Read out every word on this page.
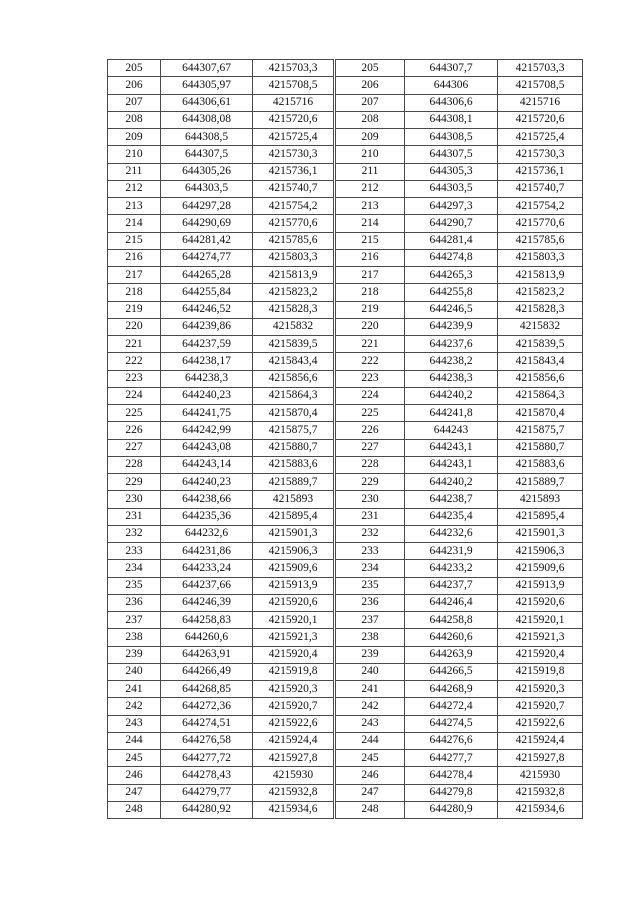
205	644307,67	4215703,3
206	644305,97	4215708,5
207	644306,61	4215716
208	644308,08	4215720,6
209	644308,5	4215725,4
210	644307,5	4215730,3
211	644305,26	4215736,1
212	644303,5	4215740,7
213	644297,28	4215754,2
214	644290,69	4215770,6
215	644281,42	4215785,6
216	644274,77	4215803,3
217	644265,28	4215813,9
218	644255,84	4215823,2
219	644246,52	4215828,3
220	644239,86	4215832
221	644237,59	4215839,5
222	644238,17	4215843,4
223	644238,3	4215856,6
224	644240,23	4215864,3
225	644241,75	4215870,4
226	644242,99	4215875,7
227	644243,08	4215880,7
228	644243,14	4215883,6
229	644240,23	4215889,7
230	644238,66	4215893
231	644235,36	4215895,4
232	644232,6	4215901,3
233	644231,86	4215906,3
234	644233,24	4215909,6
235	644237,66	4215913,9
236	644246,39	4215920,6
237	644258,83	4215920,1
238	644260,6	4215921,3
239	644263,91	4215920,4
240	644266,49	4215919,8
241	644268,85	4215920,3
242	644272,36	4215920,7
243	644274,51	4215922,6
244	644276,58	4215924,4
245	644277,72	4215927,8
246	644278,43	4215930
247	644279,77	4215932,8
248	644280,92	4215934,6
205	644307,7	4215703,3
206	644306	4215708,5
207	644306,6	4215716
208	644308,1	4215720,6
209	644308,5	4215725,4
210	644307,5	4215730,3
211	644305,3	4215736,1
212	644303,5	4215740,7
213	644297,3	4215754,2
214	644290,7	4215770,6
215	644281,4	4215785,6
216	644274,8	4215803,3
217	644265,3	4215813,9
218	644255,8	4215823,2
219	644246,5	4215828,3
220	644239,9	4215832
221	644237,6	4215839,5
222	644238,2	4215843,4
223	644238,3	4215856,6
224	644240,2	4215864,3
225	644241,8	4215870,4
226	644243	4215875,7
227	644243,1	4215880,7
228	644243,1	4215883,6
229	644240,2	4215889,7
230	644238,7	4215893
231	644235,4	4215895,4
232	644232,6	4215901,3
233	644231,9	4215906,3
234	644233,2	4215909,6
235	644237,7	4215913,9
236	644246,4	4215920,6
237	644258,8	4215920,1
238	644260,6	4215921,3
239	644263,9	4215920,4
240	644266,5	4215919,8
241	644268,9	4215920,3
242	644272,4	4215920,7
243	644274,5	4215922,6
244	644276,6	4215924,4
245	644277,7	4215927,8
246	644278,4	4215930
247	644279,8	4215932,8
248	644280,9	4215934,6
